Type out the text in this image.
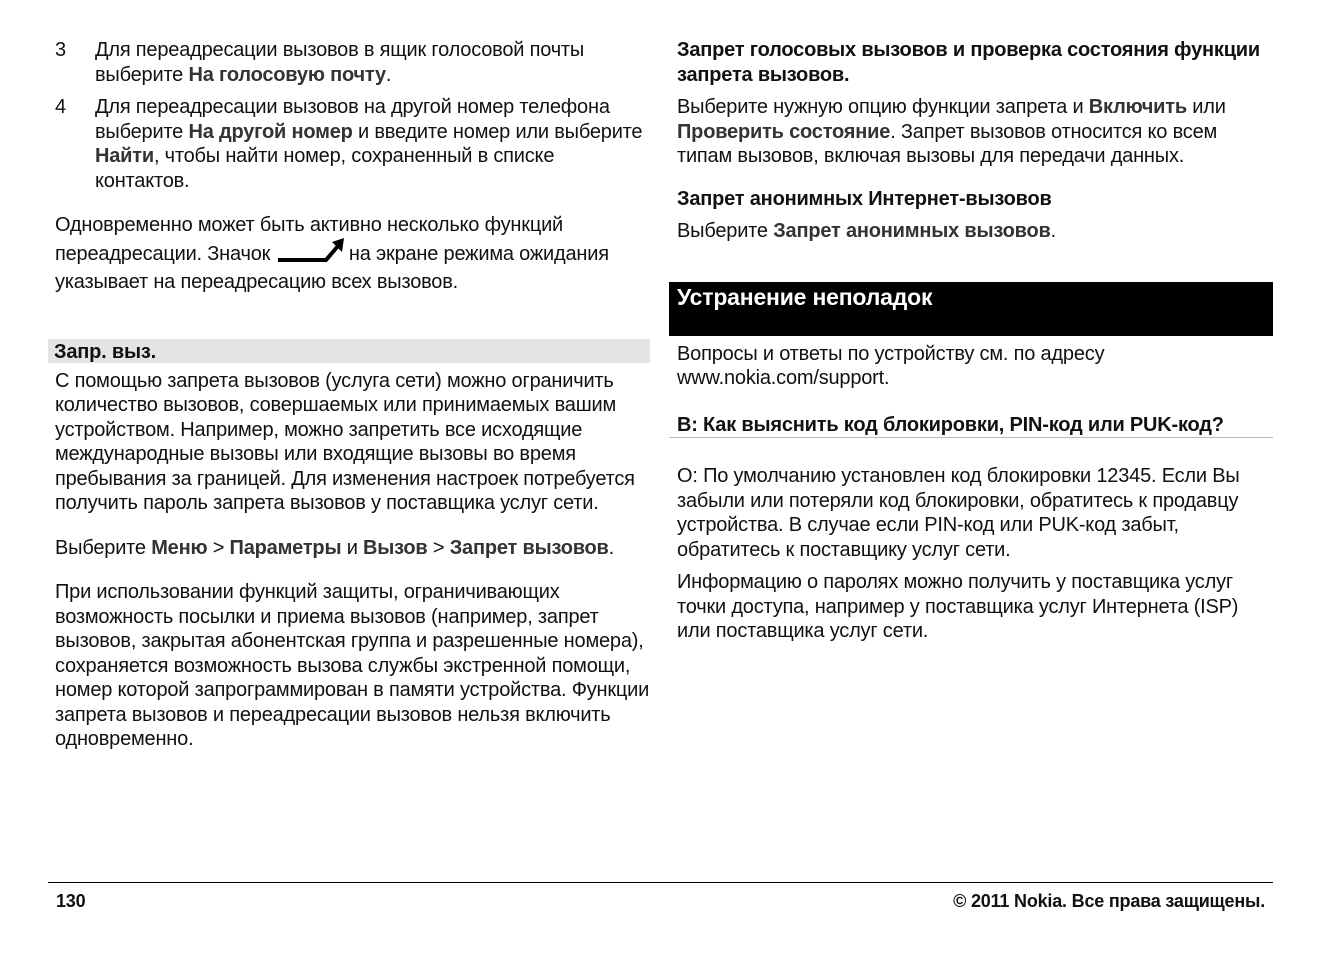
3 Для переадресации вызовов в ящик голосовой почты выберите На голосовую почту.

4 Для переадресации вызовов на другой номер телефона выберите На другой номер и введите номер или выберите Найти, чтобы найти номер, сохраненный в списке контактов.

Одновременно может быть активно несколько функций переадресации. Значок	на экране режима ожидания указывает на переадресацию всех вызовов.

Запр. выз.

С помощью запрета вызовов (услуга сети) можно ограничить количество вызовов, совершаемых или принимаемых вашим устройством. Например, можно запретить все исходящие международные вызовы или входящие вызовы во время пребывания за границей. Для изменения настроек потребуется получить пароль запрета вызовов у поставщика услуг сети.

Выберите Меню > Параметры и Вызов > Запрет вызовов.

При использовании функций защиты, ограничивающих возможность посылки и приема вызовов (например, запрет вызовов, закрытая абонентская группа и разрешенные номера), сохраняется возможность вызова службы экстренной помощи, номер которой запрограммирован в памяти устройства. Функции запрета вызовов и переадресации вызовов нельзя включить одновременно.

Запрет голосовых вызовов и проверка состояния функции запрета вызовов.

Выберите нужную опцию функции запрета и Включить или Проверить состояние. Запрет вызовов относится ко всем типам вызовов, включая вызовы для передачи данных.

Запрет анонимных Интернет-вызовов

Выберите Запрет анонимных вызовов.

Устранение неполадок

Вопросы и ответы по устройству см. по адресу www.nokia.com/support.

В: Как выяснить код блокировки, PIN-код или PUK-код?

О: По умолчанию установлен код блокировки 12345. Если Вы забыли или потеряли код блокировки, обратитесь к продавцу устройства. В случае если PIN-код или PUK-код забыт, обратитесь к поставщику услуг сети.

Информацию о паролях можно получить у поставщика услуг точки доступа, например у поставщика услуг Интернета (ISP) или поставщика услуг сети.

130	© 2011 Nokia. Все права защищены.
